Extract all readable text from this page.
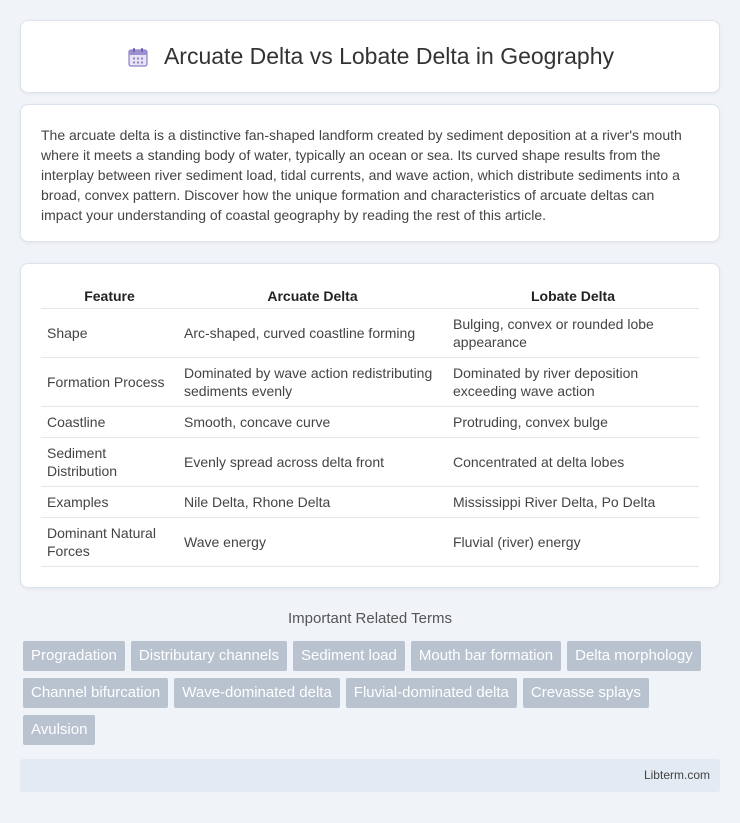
Arcuate Delta vs Lobate Delta in Geography

The arcuate delta is a distinctive fan-shaped landform created by sediment deposition at a river's mouth where it meets a standing body of water, typically an ocean or sea. Its curved shape results from the interplay between river sediment load, tidal currents, and wave action, which distribute sediments into a broad, convex pattern. Discover how the unique formation and characteristics of arcuate deltas can impact your understanding of coastal geography by reading the rest of this article.

Feature	Arcuate Delta	Lobate Delta
Shape	Arc-shaped, curved coastline forming	Bulging, convex or rounded lobe appearance
Formation Process	Dominated by wave action redistributing sediments evenly	Dominated by river deposition exceeding wave action
Coastline	Smooth, concave curve	Protruding, convex bulge
Sediment Distribution	Evenly spread across delta front	Concentrated at delta lobes
Examples	Nile Delta, Rhone Delta	Mississippi River Delta, Po Delta
Dominant Natural Forces	Wave energy	Fluvial (river) energy
Important Related Terms
Progradation	Distributary channels	Sediment load	Mouth bar formation	Delta morphology
Channel bifurcation	Wave-dominated delta	Fluvial-dominated delta	Crevasse splays
Avulsion
Libterm.com
